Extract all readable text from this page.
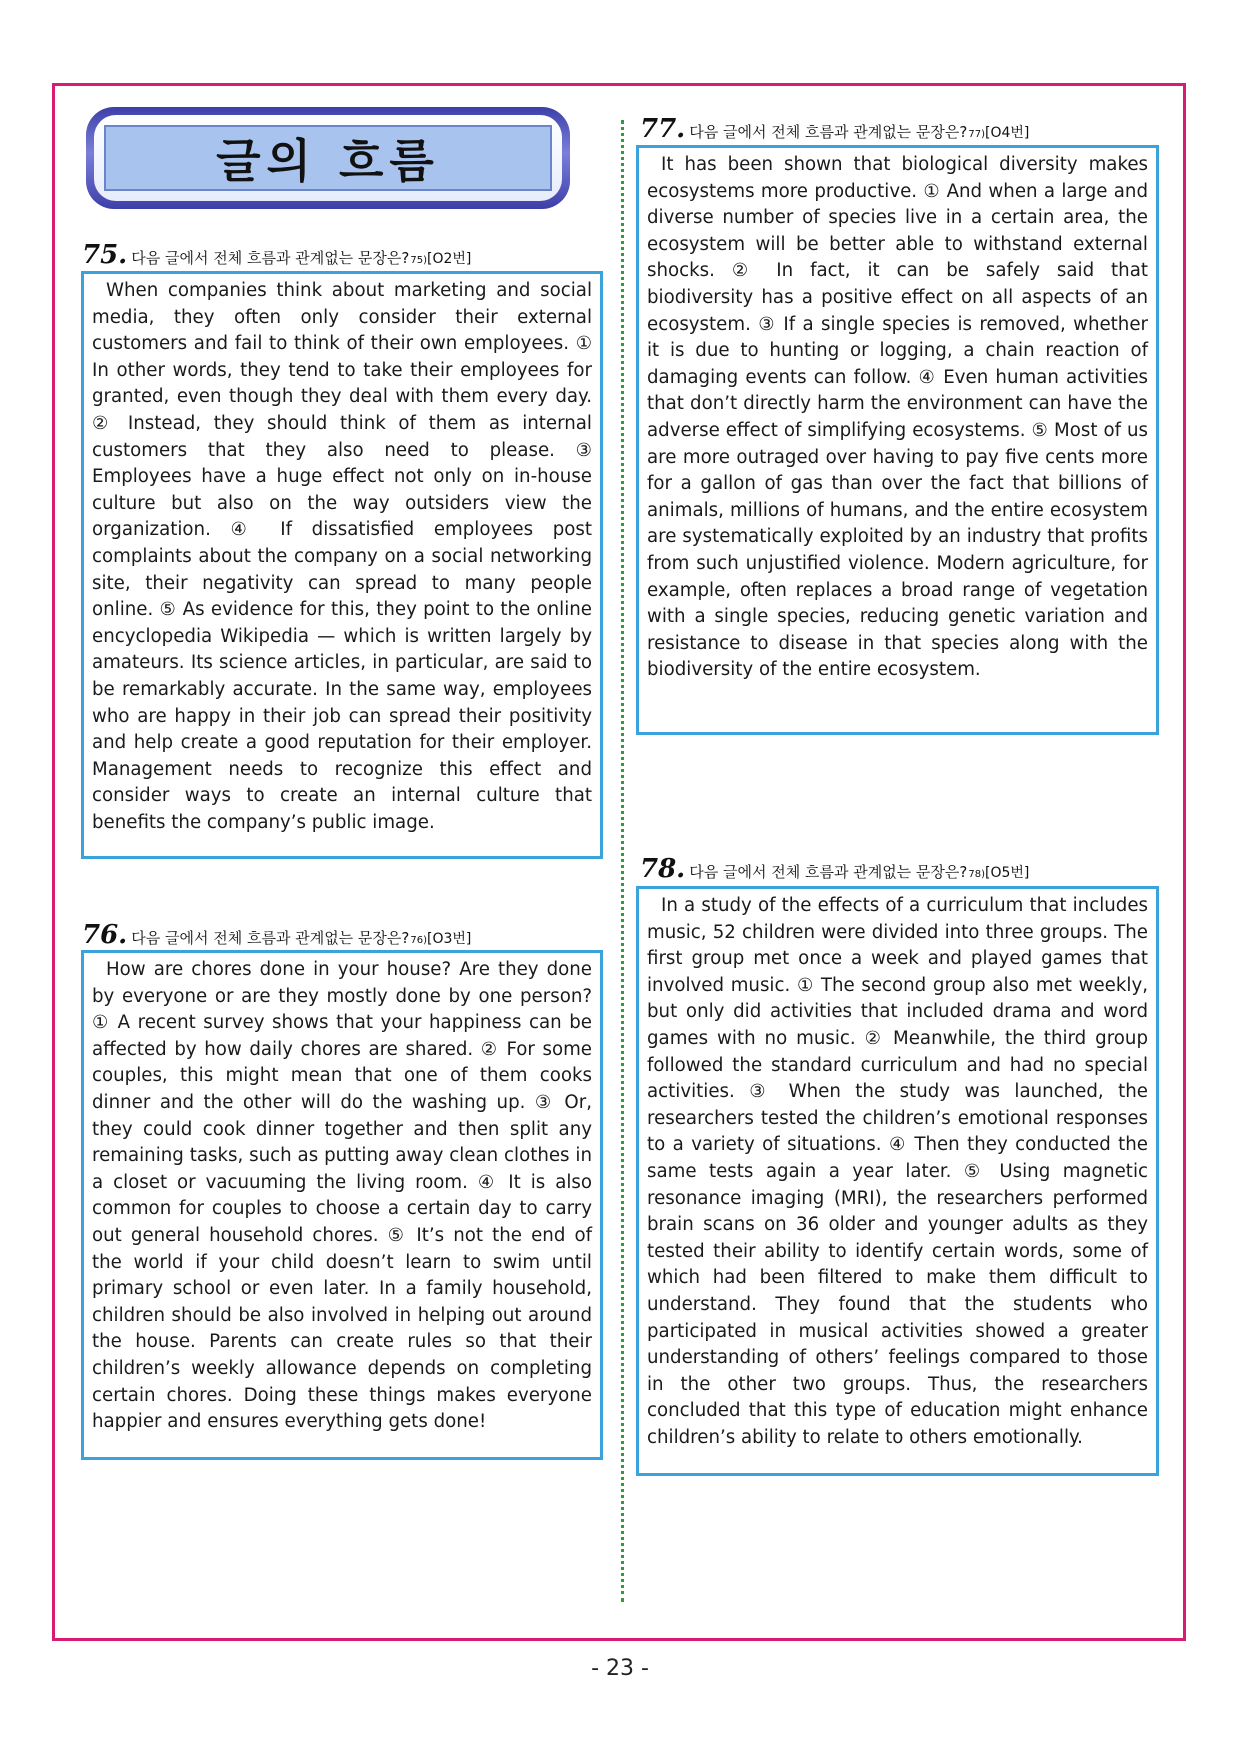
글의 흐름
75. 다음 글에서 전체 흐름과 관계없는 문장은? 75) [O2번]

When companies think about marketing and social media, they often only consider their external customers and fail to think of their own employees. ① In other words, they tend to take their employees for granted, even though they deal with them every day. ② Instead, they should think of them as internal customers that they also need to please. ③ Employees have a huge effect not only on in-house culture but also on the way outsiders view the organization. ④ If dissatisfied employees post complaints about the company on a social networking site, their negativity can spread to many people online. ⑤ As evidence for this, they point to the online encyclopedia Wikipedia — which is written largely by amateurs. Its science articles, in particular, are said to be remarkably accurate. In the same way, employees who are happy in their job can spread their positivity and help create a good reputation for their employer. Management needs to recognize this effect and consider ways to create an internal culture that benefits the company’s public image.

76. 다음 글에서 전체 흐름과 관계없는 문장은? 76) [O3번]

How are chores done in your house? Are they done by everyone or are they mostly done by one person? ① A recent survey shows that your happiness can be affected by how daily chores are shared. ② For some couples, this might mean that one of them cooks dinner and the other will do the washing up. ③ Or, they could cook dinner together and then split any remaining tasks, such as putting away clean clothes in a closet or vacuuming the living room. ④ It is also common for couples to choose a certain day to carry out general household chores. ⑤ It’s not the end of the world if your child doesn’t learn to swim until primary school or even later. In a family household, children should be also involved in helping out around the house. Parents can create rules so that their children’s weekly allowance depends on completing certain chores. Doing these things makes everyone happier and ensures everything gets done!

77. 다음 글에서 전체 흐름과 관계없는 문장은? 77) [O4번]

It has been shown that biological diversity makes ecosystems more productive. ① And when a large and diverse number of species live in a certain area, the ecosystem will be better able to withstand external shocks. ② In fact, it can be safely said that biodiversity has a positive effect on all aspects of an ecosystem. ③ If a single species is removed, whether it is due to hunting or logging, a chain reaction of damaging events can follow. ④ Even human activities that don’t directly harm the environment can have the adverse effect of simplifying ecosystems. ⑤ Most of us are more outraged over having to pay five cents more for a gallon of gas than over the fact that billions of animals, millions of humans, and the entire ecosystem are systematically exploited by an industry that profits from such unjustified violence. Modern agriculture, for example, often replaces a broad range of vegetation with a single species, reducing genetic variation and resistance to disease in that species along with the biodiversity of the entire ecosystem.

78. 다음 글에서 전체 흐름과 관계없는 문장은? 78) [O5번]

In a study of the effects of a curriculum that includes music, 52 children were divided into three groups. The first group met once a week and played games that involved music. ① The second group also met weekly, but only did activities that included drama and word games with no music. ② Meanwhile, the third group followed the standard curriculum and had no special activities. ③ When the study was launched, the researchers tested the children’s emotional responses to a variety of situations. ④ Then they conducted the same tests again a year later. ⑤ Using magnetic resonance imaging (MRI), the researchers performed brain scans on 36 older and younger adults as they tested their ability to identify certain words, some of which had been filtered to make them difficult to understand. They found that the students who participated in musical activities showed a greater understanding of others’ feelings compared to those in the other two groups. Thus, the researchers concluded that this type of education might enhance children’s ability to relate to others emotionally.

- 23 -
